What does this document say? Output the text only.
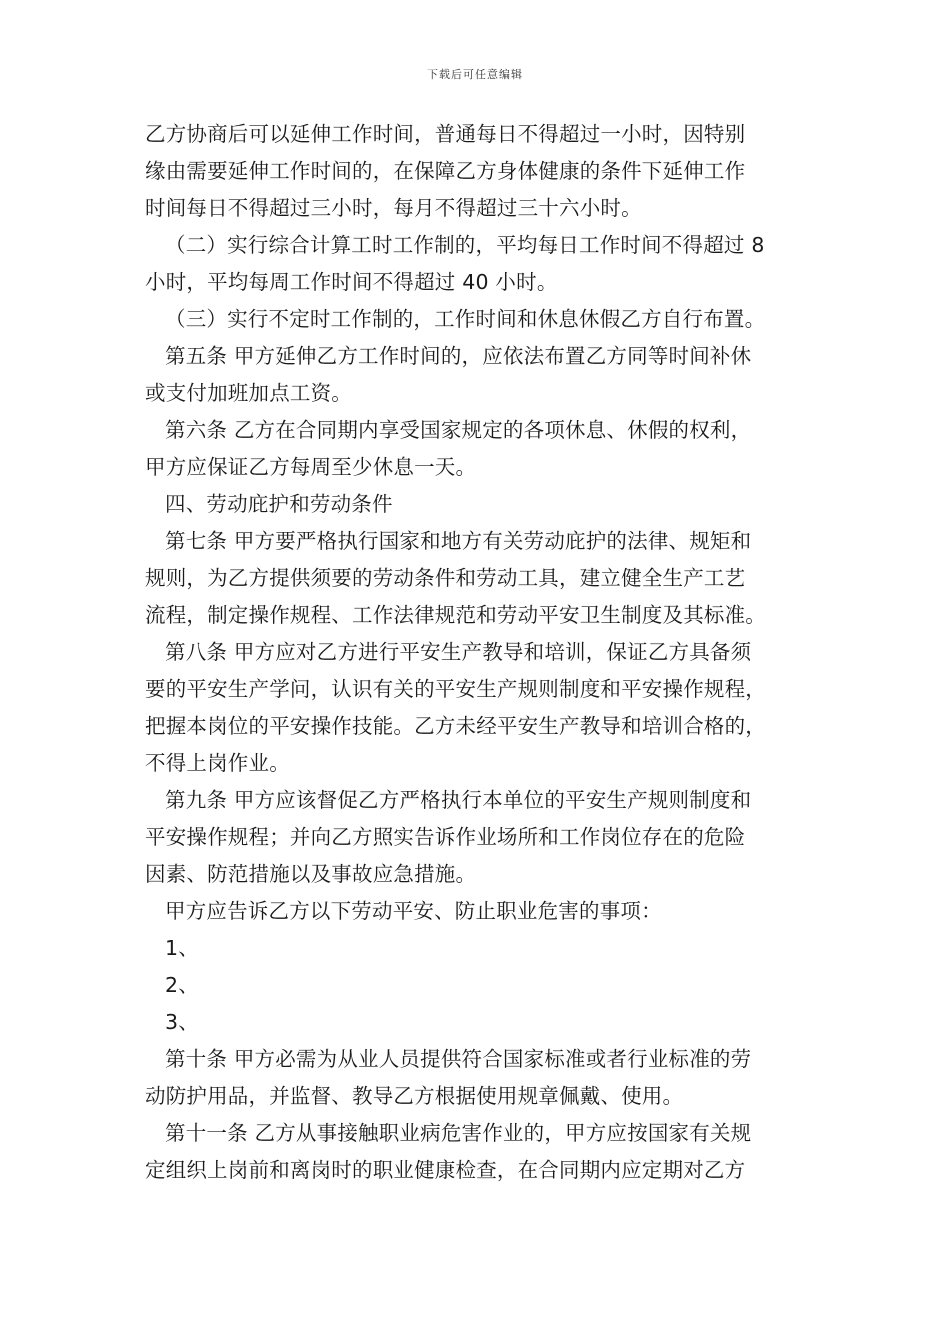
下载后可任意编辑
乙方协商后可以延伸工作时间，普通每日不得超过一小时，因特别
缘由需要延伸工作时间的，在保障乙方身体健康的条件下延伸工作
时间每日不得超过三小时，每月不得超过三十六小时。
（二）实行综合计算工时工作制的，平均每日工作时间不得超过 8
小时，平均每周工作时间不得超过 40 小时。
（三）实行不定时工作制的，工作时间和休息休假乙方自行布置。
第五条 甲方延伸乙方工作时间的，应依法布置乙方同等时间补休
或支付加班加点工资。
第六条 乙方在合同期内享受国家规定的各项休息、休假的权利，
甲方应保证乙方每周至少休息一天。
四、劳动庇护和劳动条件
第七条 甲方要严格执行国家和地方有关劳动庇护的法律、规矩和
规则，为乙方提供须要的劳动条件和劳动工具，建立健全生产工艺
流程，制定操作规程、工作法律规范和劳动平安卫生制度及其标准。
第八条 甲方应对乙方进行平安生产教导和培训，保证乙方具备须
要的平安生产学问，认识有关的平安生产规则制度和平安操作规程，
把握本岗位的平安操作技能。乙方未经平安生产教导和培训合格的，
不得上岗作业。
第九条 甲方应该督促乙方严格执行本单位的平安生产规则制度和
平安操作规程；并向乙方照实告诉作业场所和工作岗位存在的危险
因素、防范措施以及事故应急措施。
甲方应告诉乙方以下劳动平安、防止职业危害的事项：
1、
2、
3、
第十条 甲方必需为从业人员提供符合国家标准或者行业标准的劳
动防护用品，并监督、教导乙方根据使用规章佩戴、使用。
第十一条 乙方从事接触职业病危害作业的，甲方应按国家有关规
定组织上岗前和离岗时的职业健康检查，在合同期内应定期对乙方
